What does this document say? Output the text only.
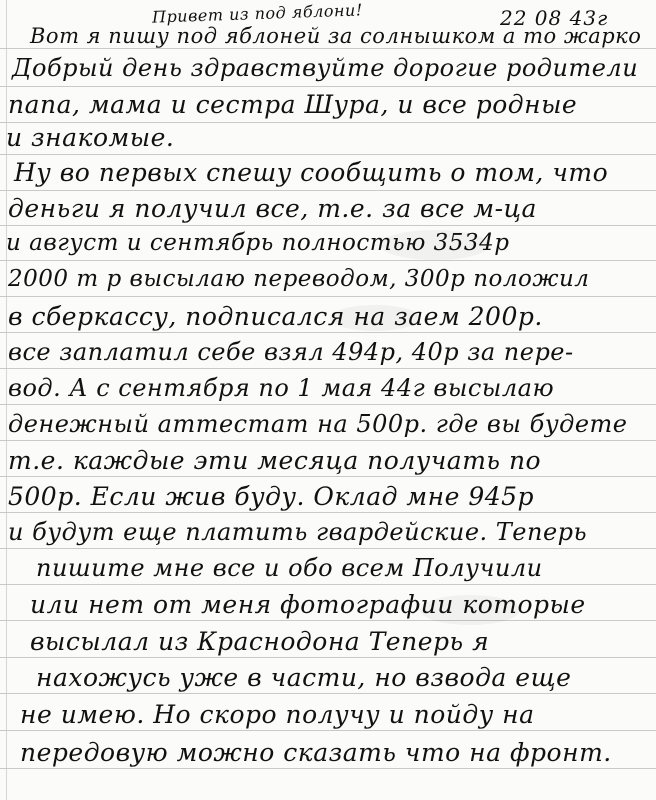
Привет из под яблони!	22 08 43г
Вот я пишу под яблоней за солнышком а то жарко
Добрый день здравствуйте дорогие родители
папа, мама и сестра Шура, и все родные
и знакомые.
Ну во первых спешу сообщить о том, что
деньги я получил все, т.е. за все м-ца
и август и сентябрь полностью 3534р
2000 т р высылаю переводом, 300р положил
в сберкассу, подписался на заем 200р.
все заплатил себе взял 494р, 40р за пере-
вод. А с сентября по 1 мая 44г высылаю
денежный аттестат на 500р. где вы будете
т.е. каждые эти месяца получать по
500р. Если жив буду. Оклад мне 945р
и будут еще платить гвардейские. Теперь
пишите мне все и обо всем Получили
или нет от меня фотографии которые
высылал из Краснодона Теперь я
нахожусь уже в части, но взвода еще
не имею. Но скоро получу и пойду на
передовую можно сказать что на фронт.
